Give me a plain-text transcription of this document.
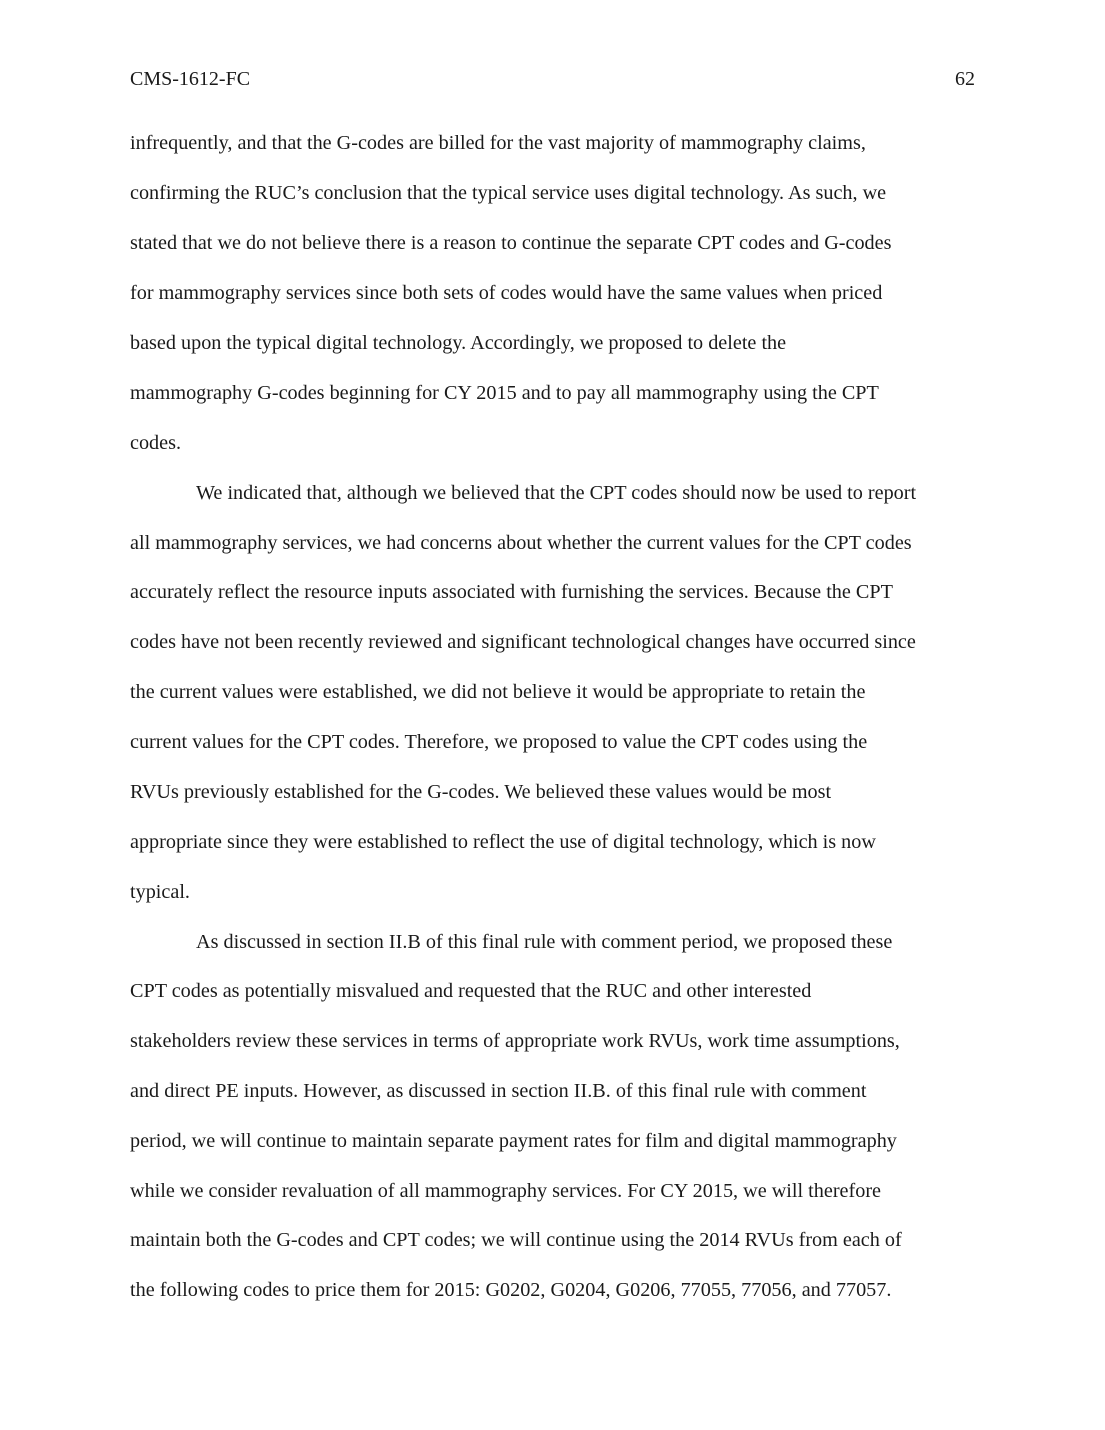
CMS-1612-FC	62
infrequently, and that the G-codes are billed for the vast majority of mammography claims,
confirming the RUC’s conclusion that the typical service uses digital technology. As such, we
stated that we do not believe there is a reason to continue the separate CPT codes and G-codes
for mammography services since both sets of codes would have the same values when priced
based upon the typical digital technology. Accordingly, we proposed to delete the
mammography G-codes beginning for CY 2015 and to pay all mammography using the CPT
codes.
We indicated that, although we believed that the CPT codes should now be used to report
all mammography services, we had concerns about whether the current values for the CPT codes
accurately reflect the resource inputs associated with furnishing the services. Because the CPT
codes have not been recently reviewed and significant technological changes have occurred since
the current values were established, we did not believe it would be appropriate to retain the
current values for the CPT codes. Therefore, we proposed to value the CPT codes using the
RVUs previously established for the G-codes. We believed these values would be most
appropriate since they were established to reflect the use of digital technology, which is now
typical.
As discussed in section II.B of this final rule with comment period, we proposed these
CPT codes as potentially misvalued and requested that the RUC and other interested
stakeholders review these services in terms of appropriate work RVUs, work time assumptions,
and direct PE inputs. However, as discussed in section II.B. of this final rule with comment
period, we will continue to maintain separate payment rates for film and digital mammography
while we consider revaluation of all mammography services. For CY 2015, we will therefore
maintain both the G-codes and CPT codes; we will continue using the 2014 RVUs from each of
the following codes to price them for 2015: G0202, G0204, G0206, 77055, 77056, and 77057.
